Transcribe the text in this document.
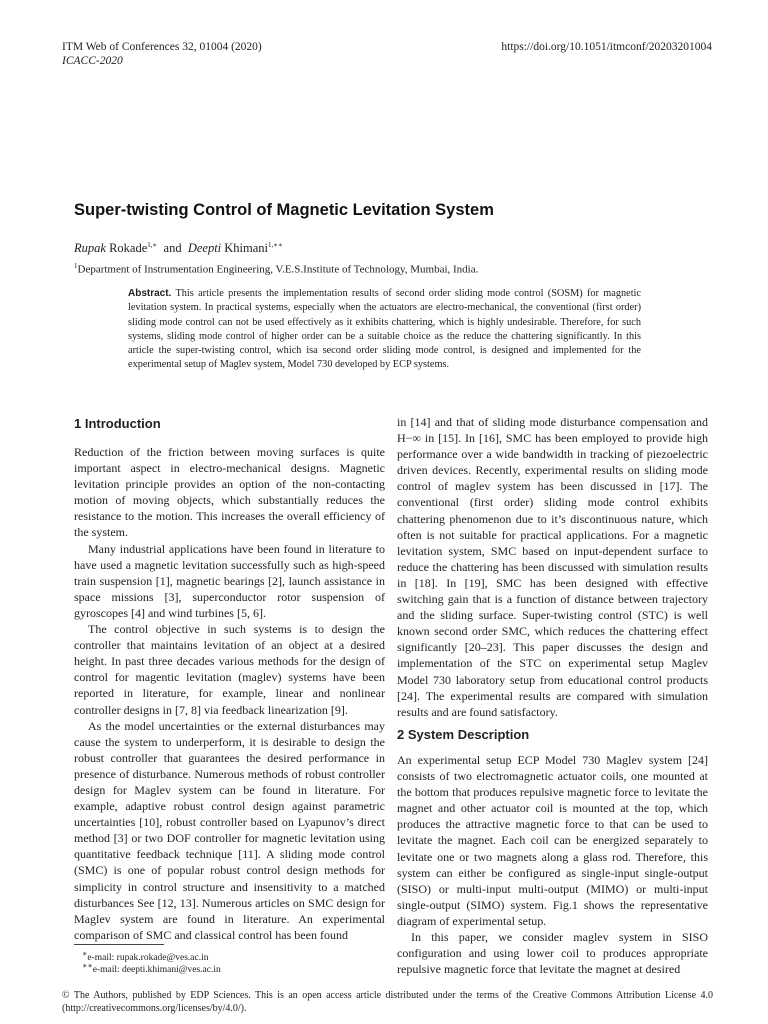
ITM Web of Conferences 32, 01004 (2020)
ICACC-2020
https://doi.org/10.1051/itmconf/20203201004
Super-twisting Control of Magnetic Levitation System
Rupak Rokade$^{1,∗}$ and Deepti Khimani$^{1,∗∗}$
$^1$Department of Instrumentation Engineering, V.E.S.Institute of Technology, Mumbai, India.
Abstract. This article presents the implementation results of second order sliding mode control (SOSM) for magnetic levitation system. In practical systems, especially when the actuators are electro-mechanical, the conventional (first order) sliding mode control can not be used effectively as it exhibits chattering, which is highly undesirable. Therefore, for such systems, sliding mode control of higher order can be a suitable choice as the reduce the chattering significantly. In this article the super-twisting control, which isa second order sliding mode control, is designed and implemented for the experimental setup of Maglev system, Model 730 developed by ECP systems.
1 Introduction

Reduction of the friction between moving surfaces is quite important aspect in electro-mechanical designs. Magnetic levitation principle provides an option of the non-contacting motion of moving objects, which substantially reduces the resistance to the motion. This increases the overall efficiency of the system.

Many industrial applications have been found in literature to have used a magnetic levitation successfully such as high-speed train suspension [1], magnetic bearings [2], launch assistance in space missions [3], superconductor rotor suspension of gyroscopes [4] and wind turbines [5, 6].

The control objective in such systems is to design the controller that maintains levitation of an object at a desired height. In past three decades various methods for the design of control for magentic levitation (maglev) systems have been reported in literature, for example, linear and nonlinear controller designs in [7, 8] via feedback linearization [9].

As the model uncertainties or the external disturbances may cause the system to underperform, it is desirable to design the robust controller that guarantees the desired performance in presence of disturbance. Numerous methods of robust controller design for Maglev system can be found in literature. For example, adaptive robust control design against parametric uncertainties [10], robust controller based on Lyapunov’s direct method [3] or two DOF controller for magnetic levitation using quantitative feedback technique [11]. A sliding mode control (SMC) is one of popular robust control design methods for simplicity in control structure and insensitivity to a matched disturbances See [12, 13]. Numerous articles on SMC design for Maglev system are found in literature. An experimental comparison of SMC and classical control has been found

∗e-mail: rupak.rokade@ves.ac.in
∗∗e-mail: deepti.khimani@ves.ac.in

in [14] and that of sliding mode disturbance compensation and H−∞ in [15]. In [16], SMC has been employed to provide high performance over a wide bandwidth in tracking of piezoelectric driven devices. Recently, experimental results on sliding mode control of maglev system has been discussed in [17]. The conventional (first order) sliding mode control exhibits chattering phenomenon due to it’s discontinuous nature, which often is not suitable for practical applications. For a magnetic levitation system, SMC based on input-dependent surface to reduce the chattering has been discussed with simulation results in [18]. In [19], SMC has been designed with effective switching gain that is a function of distance between trajectory and the sliding surface. Super-twisting control (STC) is well known second order SMC, which reduces the chattering effect significantly [20–23]. This paper discusses the design and implementation of the STC on experimental setup Maglev Model 730 laboratory setup from educational control products [24]. The experimental results are compared with simulation results and are found satisfactory.

2 System Description

An experimental setup ECP Model 730 Maglev system [24] consists of two electromagnetic actuator coils, one mounted at the bottom that produces repulsive magnetic force to levitate the magnet and other actuator coil is mounted at the top, which produces the attractive magnetic force to that can be used to levitate the magnet. Each coil can be energized separately to levitate one or two magnets along a glass rod. Therefore, this system can either be configured as single-input single-output (SISO) or multi-input multi-output (MIMO) or multi-input single-output (SIMO) system. Fig.1 shows the representative diagram of experimental setup.

In this paper, we consider maglev system in SISO configuration and using lower coil to produces appropriate repulsive magnetic force that levitate the magnet at desired

© The Authors, published by EDP Sciences. This is an open access article distributed under the terms of the Creative Commons Attribution License 4.0 (http://creativecommons.org/licenses/by/4.0/).
